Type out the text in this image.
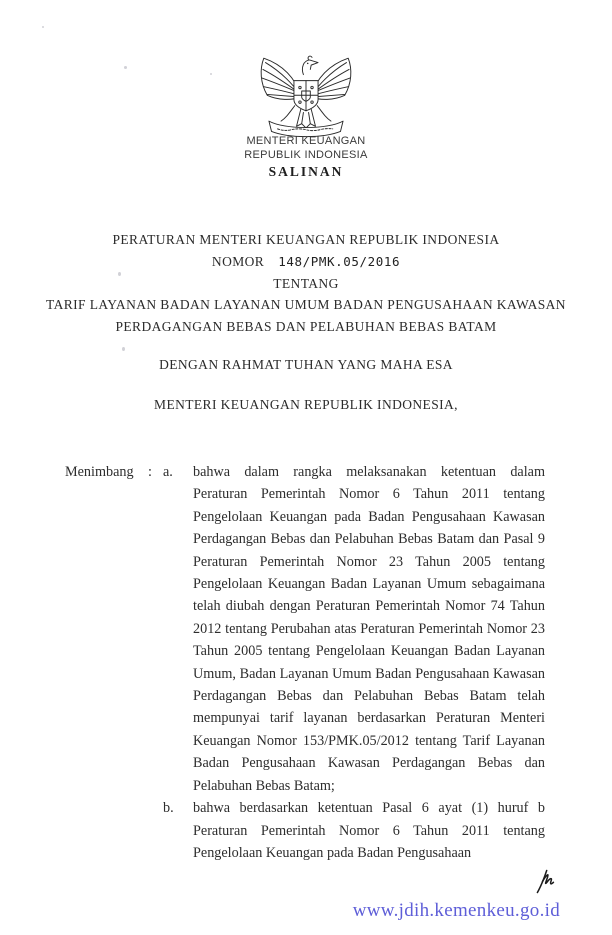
MENTERI KEUANGAN
REPUBLIK INDONESIA
SALINAN
PERATURAN MENTERI KEUANGAN REPUBLIK INDONESIA
NOMOR 148/PMK.05/2016
TENTANG
TARIF LAYANAN BADAN LAYANAN UMUM BADAN PENGUSAHAAN KAWASAN
PERDAGANGAN BEBAS DAN PELABUHAN BEBAS BATAM
DENGAN RAHMAT TUHAN YANG MAHA ESA
MENTERI KEUANGAN REPUBLIK INDONESIA,
Menimbang	: a.	bahwa dalam rangka melaksanakan ketentuan dalam Peraturan Pemerintah Nomor 6 Tahun 2011 tentang Pengelolaan Keuangan pada Badan Pengusahaan Kawasan Perdagangan Bebas dan Pelabuhan Bebas Batam dan Pasal 9 Peraturan Pemerintah Nomor 23 Tahun 2005 tentang Pengelolaan Keuangan Badan Layanan Umum sebagaimana telah diubah dengan Peraturan Pemerintah Nomor 74 Tahun 2012 tentang Perubahan atas Peraturan Pemerintah Nomor 23 Tahun 2005 tentang Pengelolaan Keuangan Badan Layanan Umum, Badan Layanan Umum Badan Pengusahaan Kawasan Perdagangan Bebas dan Pelabuhan Bebas Batam telah mempunyai tarif layanan berdasarkan Peraturan Menteri Keuangan Nomor 153/PMK.05/2012 tentang Tarif Layanan Badan Pengusahaan Kawasan Perdagangan Bebas dan Pelabuhan Bebas Batam;
b.	bahwa berdasarkan ketentuan Pasal 6 ayat (1) huruf b Peraturan Pemerintah Nomor 6 Tahun 2011 tentang Pengelolaan Keuangan pada Badan Pengusahaan
www.jdih.kemenkeu.go.id
